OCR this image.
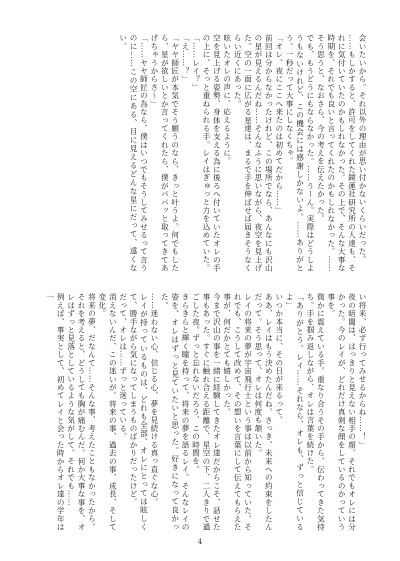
会いたいから。それ以外の理由が思い付かないくらいだった。

……もしかすると、許可をしてくれた鏡蓮社研究所の人達も、それに気付いていたのかもしれなかった。その上で、そんな大事な時期を、それでも良いと言ってくれたのかもしれなかった。……そう思うと、なおさら、今の考えを伝えたかった。

でも、もうどうにもならなかった。……うーん。実際はどうしようもないけれど、この機会には感謝しかないよ。……ありがとう。一秒だって大事にしなくちゃ。

「オレ、夜にここへ来たのは初めてだから……」

前回は分からなかったけれど、この場所でなら、あんなにも沢山の星が見えるんだね……そんなふうに思いながら、夜空を見上げた。空の一面に広がる星達は、まるで手を伸ばせば届きそうなくらい近くにあった。

呟いたオレの声に、応えるように。

空を見上げる姿勢、身体を支える為に後ろへ付いていたオレの手の上に、そっと重ねられる手。レイはぎゅっと力を込めていた。

「……レイ？」

「え……？」

「ヤヤ師匠が本気でそう願うのなら、きっと叶うよ。何でもしたら、星が欲しいとか言ってくれたら、僕がパパッと取ってきてあげちゃうからさ～」

「……ヤヤ師匠の為なら、僕はいつでもそうしてみせるって言うのに……この空にある、目に見えるどんな星にだって、遠くない。

い将来、必ず行ってみせるからね……！」

夜の暗闇は、はっきりと見えない相手の顔。それでもオレには分かった。今のレイが、どれだけ真剣な顔をしているのかっていう事を。

微かに震えている手。重なり合うその手から、伝わってきた気持ち。手を掴み返しながら、オレは言葉を続けた。

「ありがとう。レイ……それなら、オレも、ずっと信じているよ」

いつか本当に、その日が来るって。

ああ、レイはもう決めたんだね。さっき、未来への約束をしたんだって。そう思って、オレは何度も頷いた。

レイの将来の夢が宇宙飛行士という事は以前から知っていた。それでも、こうして改めて、その想いを言葉にして伝えてもらえた事が、何だかとても嬉しかった。

今まで沢山の事を一緒に経験してきたオレ達だからこそ、話せた事もあった。すぐに触れ合える距離で、星空の下、二人きりで過ごした夜。ずっと忘れないだろう、この時間を。

きらきらと輝く瞳を持って、将来の夢を語るレイ。そんなレイの姿を、オレはずっと見ていたいと思った。好きになって良かった。

……迷わない心、信じる心、夢を見続ける真っ直ぐな心。

レイが持っているものは、どれも全部、オレにとっては眩しくて、勝手ながら気になってしまうものばかりだったけど。

だって、オレは……ずっと迷っている。

消えないんだ、この迷いが。将来の事、過去の事、成長、そして変化。

将来の夢、だなんて……そんな事、考えたこともなかったから。

それを考えると、どうしても胸が痛むんだ。何か大事な事を、オレはずっと見落としているような気がして。それでも……

例えば、事実として、初めてレイと会った時からオレ達の学年は一

4
